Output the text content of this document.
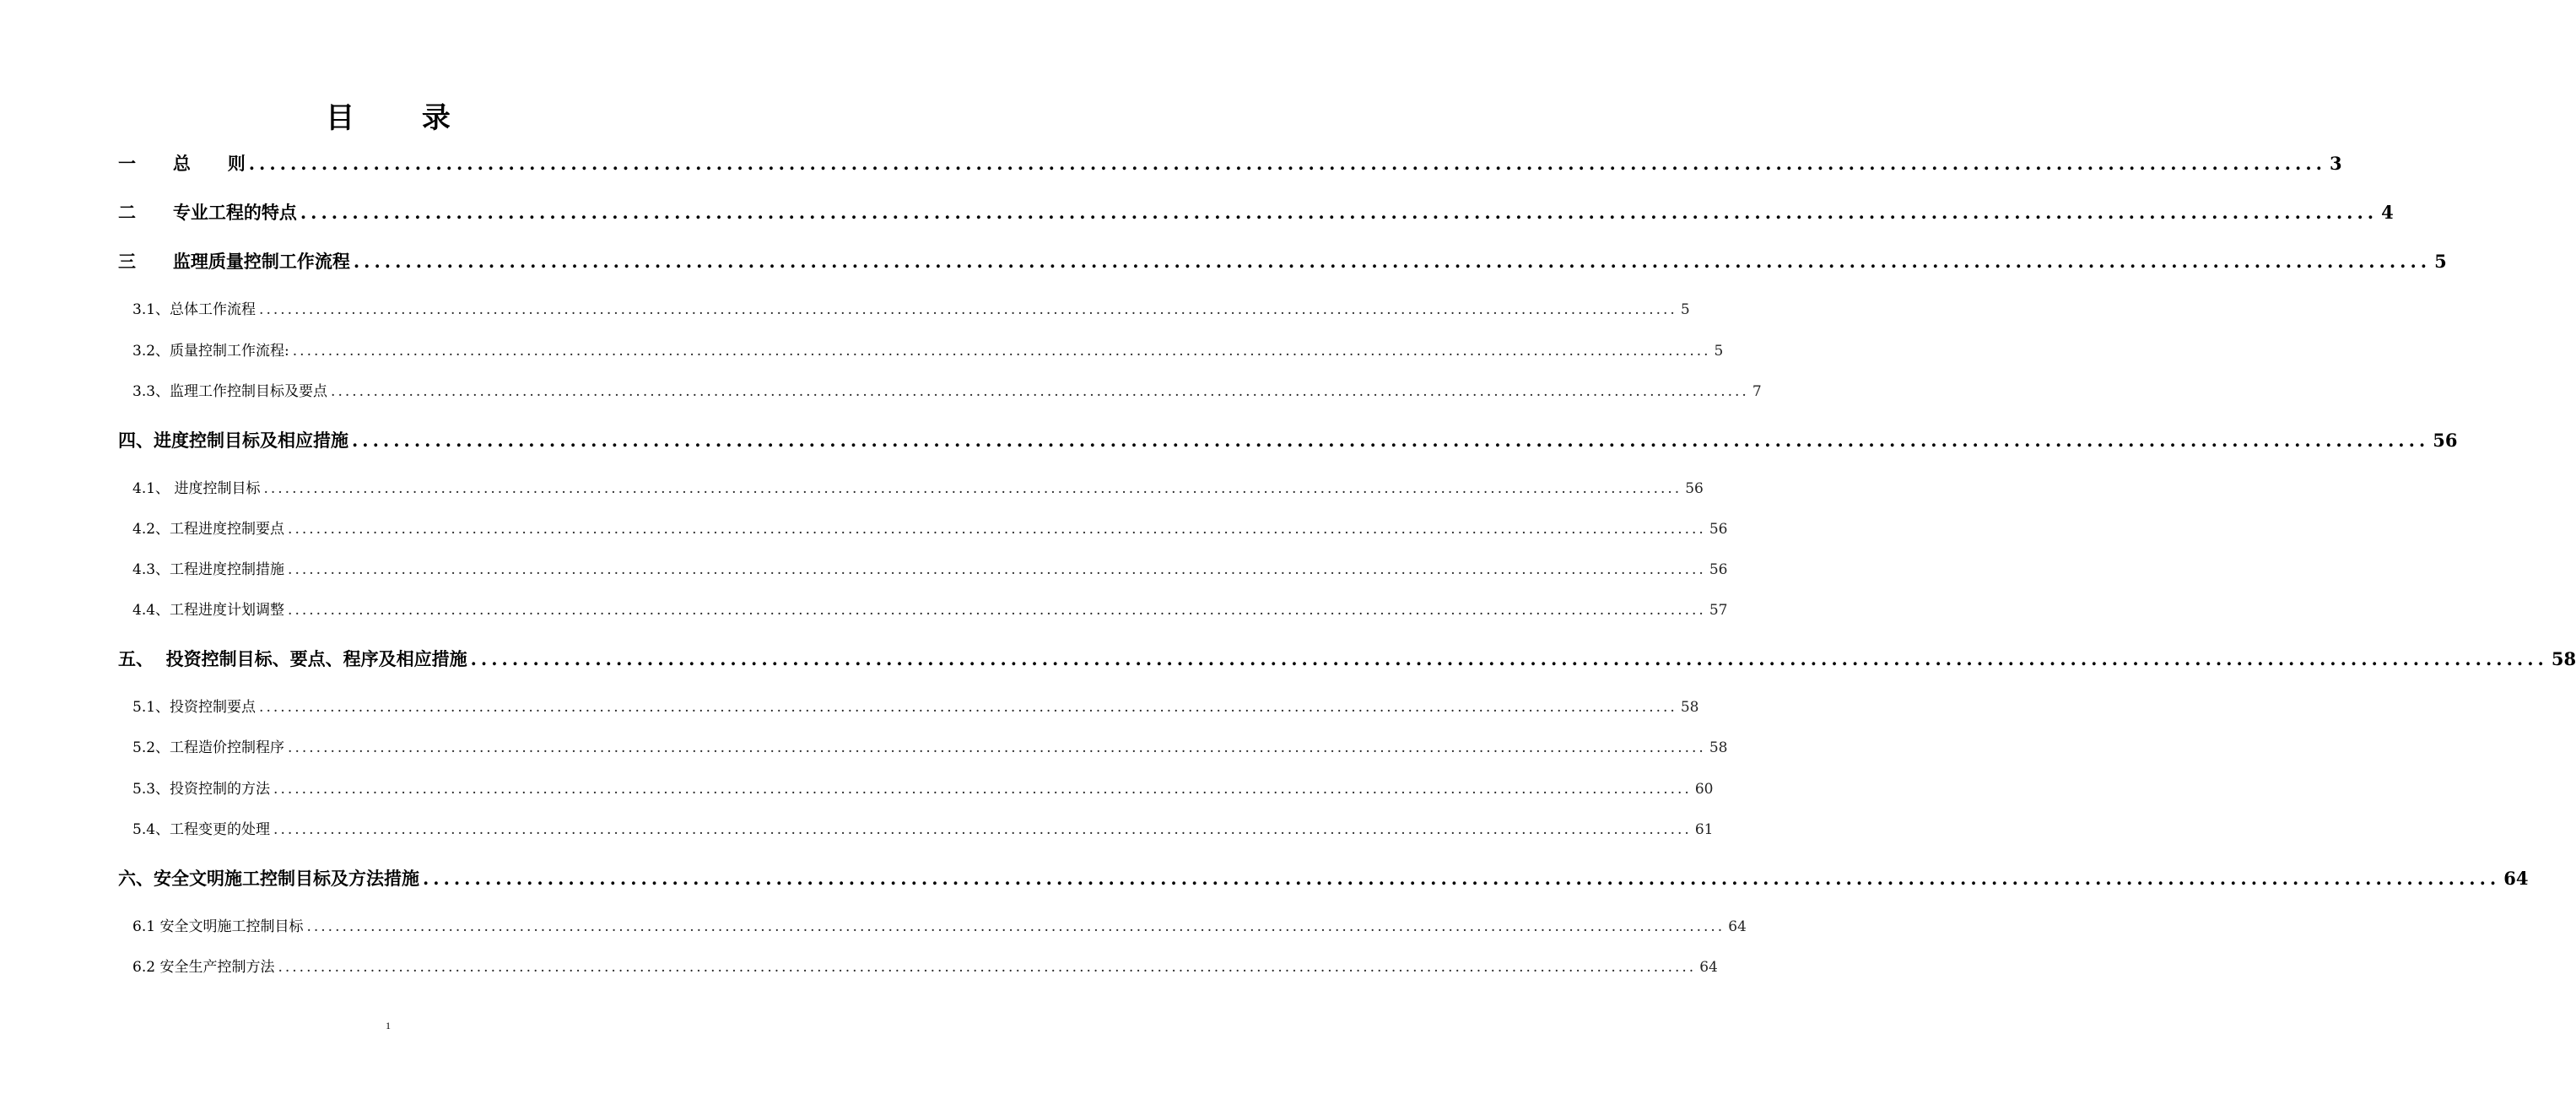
目 录
一      总      则 ........................................................................................................................................................................................................ 3
二      专业工程的特点 ........................................................................................................................................................................................................ 4
三      监理质量控制工作流程 ........................................................................................................................................................................................................ 5
3.1、总体工作流程 ........................................................................................................................................................................................................ 5
3.2、质量控制工作流程: ........................................................................................................................................................................................................ 5
3.3、监理工作控制目标及要点 ........................................................................................................................................................................................................ 7
四、进度控制目标及相应措施 ........................................................................................................................................................................................................ 56
4.1、 进度控制目标 ........................................................................................................................................................................................................ 56
4.2、工程进度控制要点 ........................................................................................................................................................................................................ 56
4.3、工程进度控制措施 ........................................................................................................................................................................................................ 56
4.4、工程进度计划调整 ........................................................................................................................................................................................................ 57
五、  投资控制目标、要点、程序及相应措施 ........................................................................................................................................................................................................ 58
5.1、投资控制要点 ........................................................................................................................................................................................................ 58
5.2、工程造价控制程序 ........................................................................................................................................................................................................ 58
5.3、投资控制的方法 ........................................................................................................................................................................................................ 60
5.4、工程变更的处理 ........................................................................................................................................................................................................ 61
六、安全文明施工控制目标及方法措施 ........................................................................................................................................................................................................ 64
6.1 安全文明施工控制目标 ........................................................................................................................................................................................................ 64
6.2 安全生产控制方法 ........................................................................................................................................................................................................ 64
1
